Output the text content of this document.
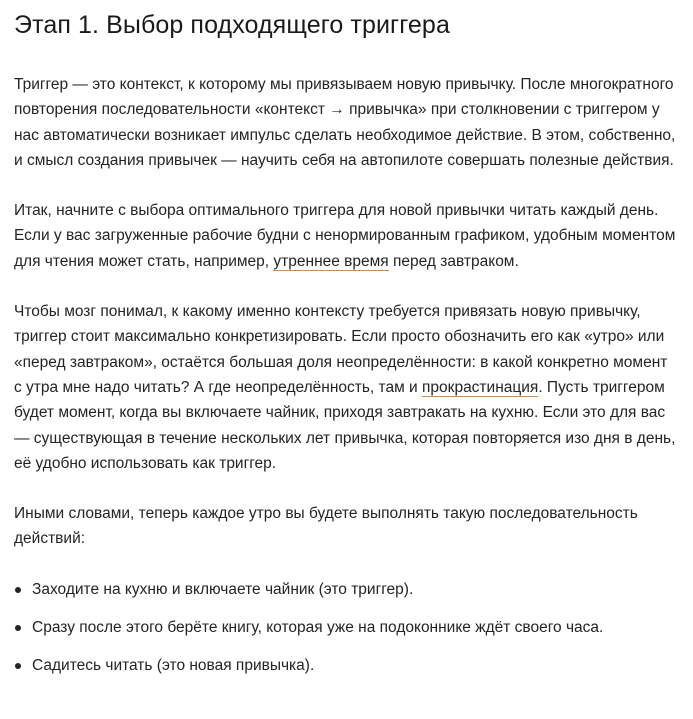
Этап 1. Выбор подходящего триггера

Триггер — это контекст, к которому мы привязываем новую привычку. После многократного повторения последовательности «контекст → привычка» при столкновении с триггером у нас автоматически возникает импульс сделать необходимое действие. В этом, собственно, и смысл создания привычек — научить себя на автопилоте совершать полезные действия.

Итак, начните с выбора оптимального триггера для новой привычки читать каждый день. Если у вас загруженные рабочие будни с ненормированным графиком, удобным моментом для чтения может стать, например, утреннее время перед завтраком.

Чтобы мозг понимал, к какому именно контексту требуется привязать новую привычку, триггер стоит максимально конкретизировать. Если просто обозначить его как «утро» или «перед завтраком», остаётся большая доля неопределённости: в какой конкретно момент с утра мне надо читать? А где неопределённость, там и прокрастинация. Пусть триггером будет момент, когда вы включаете чайник, приходя завтракать на кухню. Если это для вас — существующая в течение нескольких лет привычка, которая повторяется изо дня в день, её удобно использовать как триггер.

Иными словами, теперь каждое утро вы будете выполнять такую последовательность действий:

Заходите на кухню и включаете чайник (это триггер).
Сразу после этого берёте книгу, которая уже на подоконнике ждёт своего часа.
Садитесь читать (это новая привычка).
